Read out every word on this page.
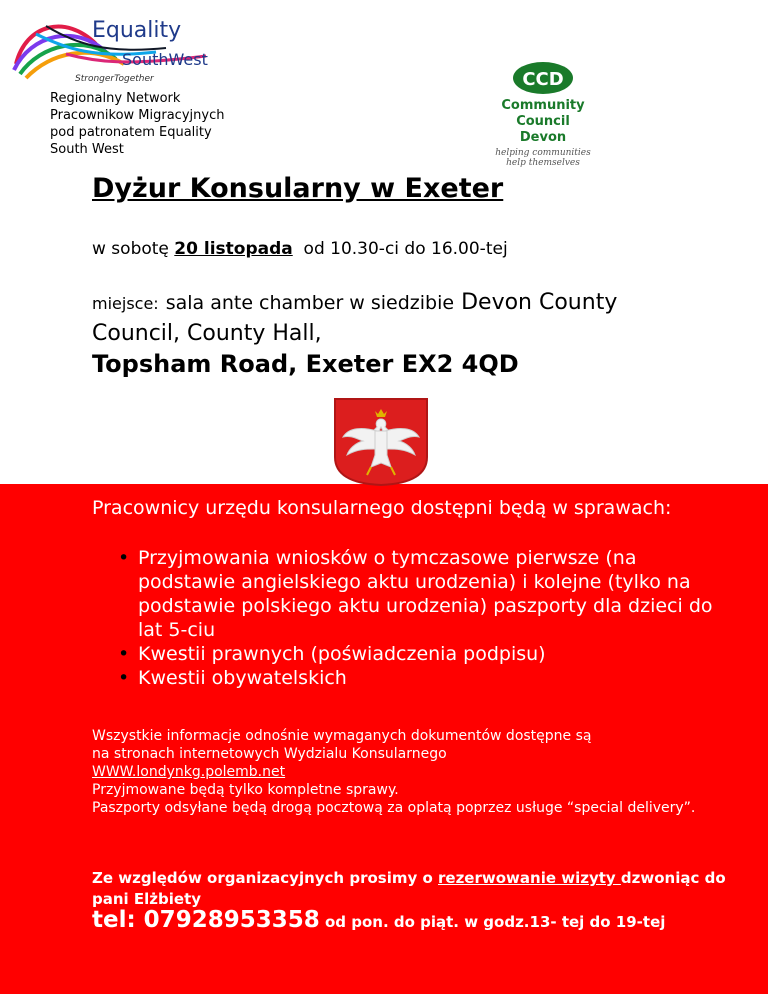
Equality
SouthWest
StrongerTogether
Regionalny Network
Pracownikow Migracyjnych
pod patronatem Equality
South West
CCD
Community
Council
Devon
helping communities
help themselves
Dyżur Konsularny w Exeter
w sobotę 20 listopada od 10.30-ci do 16.00-tej
miejsce: sala ante chamber w siedzibie Devon County Council, County Hall,
Topsham Road, Exeter EX2 4QD
Pracownicy urzędu konsularnego dostępni będą w sprawach:
• Przyjmowania wniosków o tymczasowe pierwsze (na podstawie angielskiego aktu urodzenia) i kolejne (tylko na podstawie polskiego aktu urodzenia) paszporty dla dzieci do lat 5-ciu
• Kwestii prawnych (poświadczenia podpisu)
• Kwestii obywatelskich
Wszystkie informacje odnośnie wymaganych dokumentów dostępne są
na stronach internetowych Wydzialu Konsularnego
WWW.londynkg.polemb.net
Przyjmowane będą tylko kompletne sprawy.
Paszporty odsyłane będą drogą pocztową za oplatą poprzez usługe “special delivery”.
Ze względów organizacyjnych prosimy o rezerwowanie wizyty dzwoniąc do pani Elżbiety
tel: 07928953358 od pon. do piąt. w godz.13- tej do 19-tej
